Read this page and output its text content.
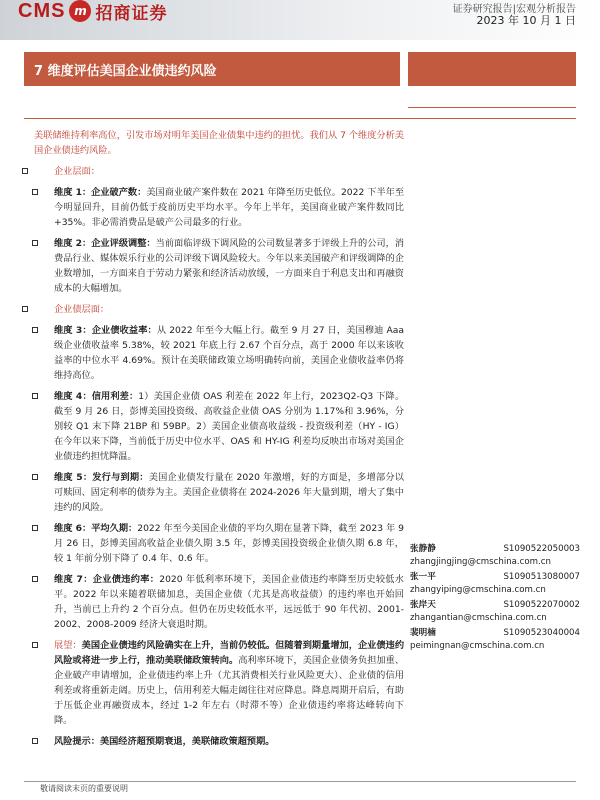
CMS m 招商证券	证券研究报告|宏观分析报告
2023 年 10 月 1 日
7 维度评估美国企业债违约风险

美联储维持利率高位，引发市场对明年美国企业债集中违约的担忧。我们从 7 个维度分析美国企业债违约风险。

企业层面：
维度 1：企业破产数：美国商业破产案件数在 2021 年降至历史低位。2022 下半年至今明显回升，目前仍低于疫前历史平均水平。今年上半年，美国商业破产案件数同比+35%。非必需消费品是破产公司最多的行业。
维度 2：企业评级调整：当前面临评级下调风险的公司数显著多于评级上升的公司，消费品行业、媒体娱乐行业的公司评级下调风险较大。今年以来美国破产和评级调降的企业数增加，一方面来自于劳动力紧张和经济活动放缓，一方面来自于利息支出和再融资成本的大幅增加。
企业债层面：
维度 3：企业债收益率：从 2022 年至今大幅上行。截至 9 月 27 日，美国穆迪 Aaa 级企业债收益率 5.38%，较 2021 年底上行 2.67 个百分点，高于 2000 年以来该收益率的中位水平 4.69%。预计在美联储政策立场明确转向前，美国企业债收益率仍将维持高位。
维度 4：信用利差：1）美国企业债 OAS 利差在 2022 年上行，2023Q2-Q3 下降。截至 9 月 26 日，彭博美国投资级、高收益企业债 OAS 分别为 1.17%和 3.96%，分别较 Q1 末下降 21BP 和 59BP。2）美国企业债高收益级 - 投资级利差（HY - IG）在今年以来下降，当前低于历史中位水平、OAS 和 HY-IG 利差均反映出市场对美国企业债违约担忧降温。
维度 5：发行与到期：美国企业债发行量在 2020 年激增，好的方面是，多增部分以可赎回、固定利率的债券为主。美国企业债将在 2024-2026 年大量到期，增大了集中违约的风险。
维度 6：平均久期：2022 年至今美国企业债的平均久期在显著下降，截至 2023 年 9 月 26 日，彭博美国高收益企业债久期 3.5 年，彭博美国投资级企业债久期 6.8 年，较 1 年前分别下降了 0.4 年、0.6 年。
维度 7：企业债违约率：2020 年低利率环境下，美国企业债违约率降至历史较低水平。2022 年以来随着联储加息，美国企业债（尤其是高收益债）的违约率也开始回升，当前已上升约 2 个百分点。但仍在历史较低水平，远远低于 90 年代初、2001-2002、2008-2009 经济大衰退时期。
展望：美国企业债违约风险确实在上升，当前仍较低。但随着到期量增加，企业债违约风险或将进一步上行，推动美联储政策转向。高利率环境下，美国企业债务负担加重、企业破产申请增加，企业债违约率上升（尤其消费相关行业风险更大）、企业债的信用利差或将重新走阔。历史上，信用利差大幅走阔往往对应降息。降息周期开启后，有助于压低企业再融资成本，经过 1-2 年左右（时滞不等）企业债违约率将达峰转向下降。
风险提示：美国经济超预期衰退，美联储政策超预期。
张静静	S1090522050003
zhangjingjing@cmschina.com.cn
张一平	S1090513080007
zhangyiping@cmschina.com.cn
张岸天	S1090522070002
zhangantian@cmschina.com.cn
裴明楠	S1090523040004
peimingnan@cmschina.com.cn
敬请阅读末页的重要说明
